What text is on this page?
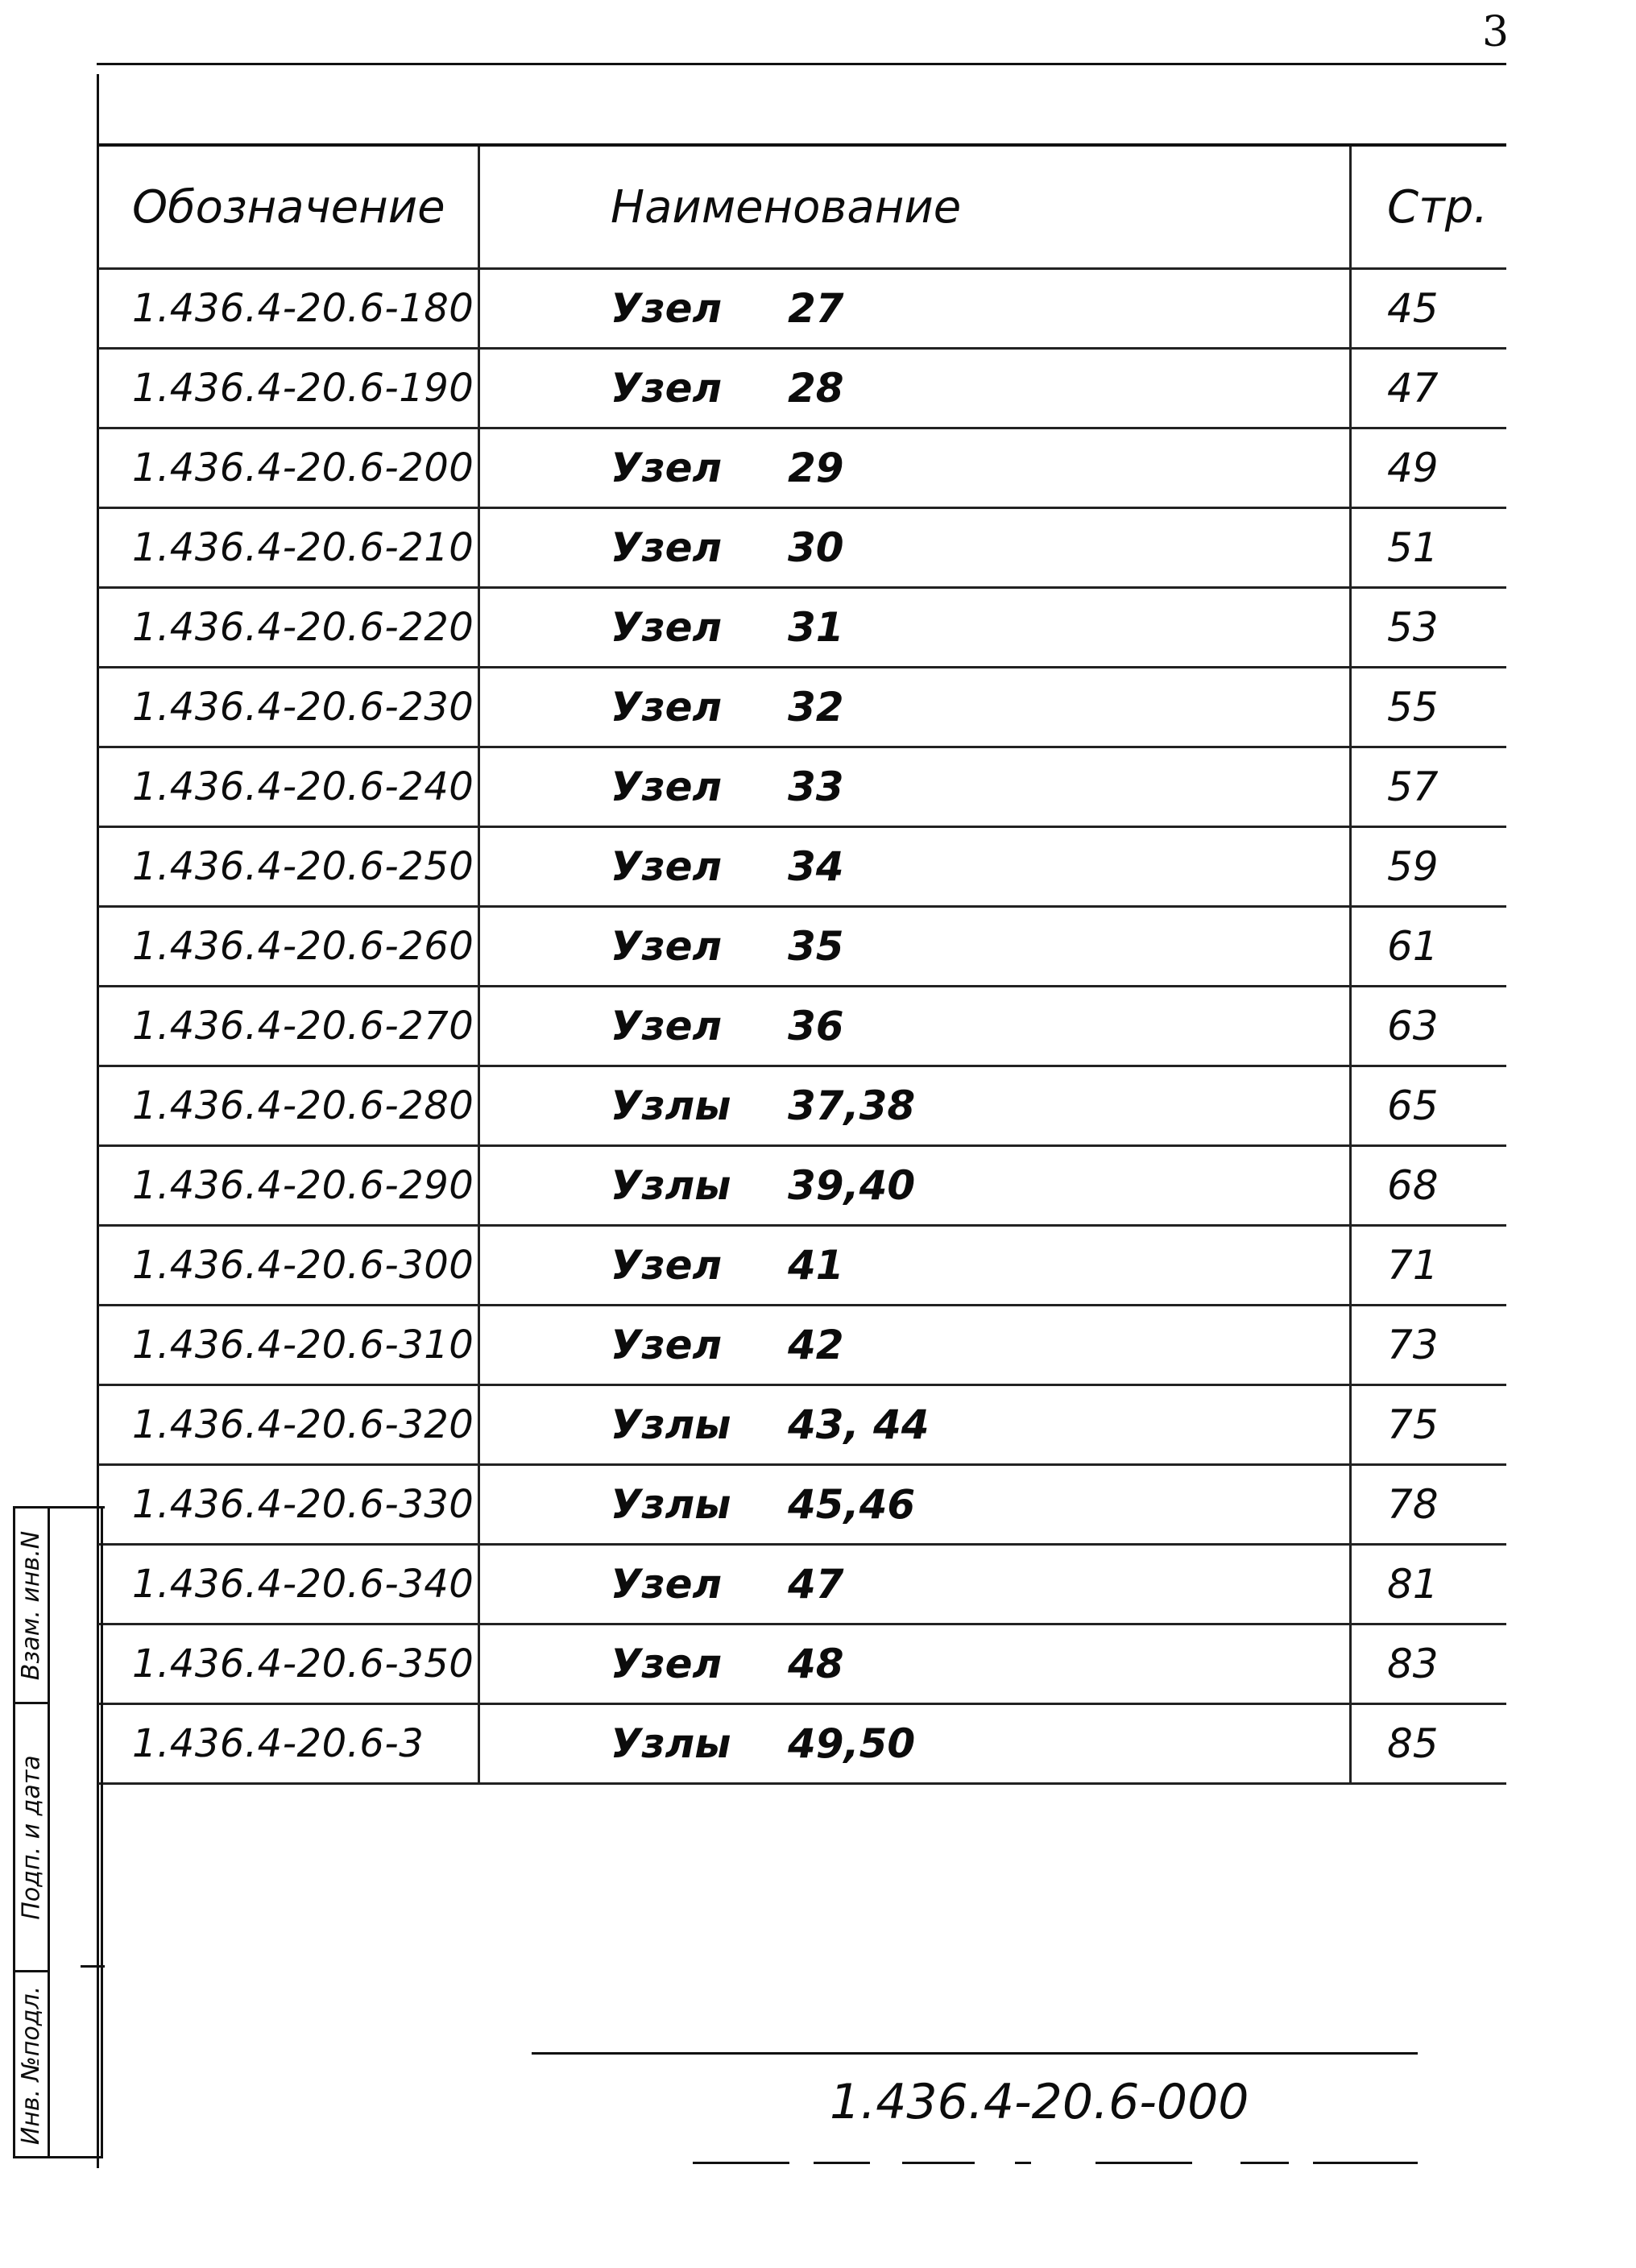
3
Обозначение	Наименование	Стр.
1.436.4-20.6-180	Узел	27	45
1.436.4-20.6-190	Узел	28	47
1.436.4-20.6-200	Узел	29	49
1.436.4-20.6-210	Узел	30	51
1.436.4-20.6-220	Узел	31	53
1.436.4-20.6-230	Узел	32	55
1.436.4-20.6-240	Узел	33	57
1.436.4-20.6-250	Узел	34	59
1.436.4-20.6-260	Узел	35	61
1.436.4-20.6-270	Узел	36	63
1.436.4-20.6-280	Узлы	37,38	65
1.436.4-20.6-290	Узлы	39,40	68
1.436.4-20.6-300	Узел	41	71
1.436.4-20.6-310	Узел	42	73
1.436.4-20.6-320	Узлы	43, 44	75
1.436.4-20.6-330	Узлы	45,46	78
1.436.4-20.6-340	Узел	47	81
1.436.4-20.6-350	Узел	48	83
1.436.4-20.6-3	Узлы	49,50	85
Взам. инв.N
Подп. и дата
Инв. №подл.	1.436.4-20.6-000
